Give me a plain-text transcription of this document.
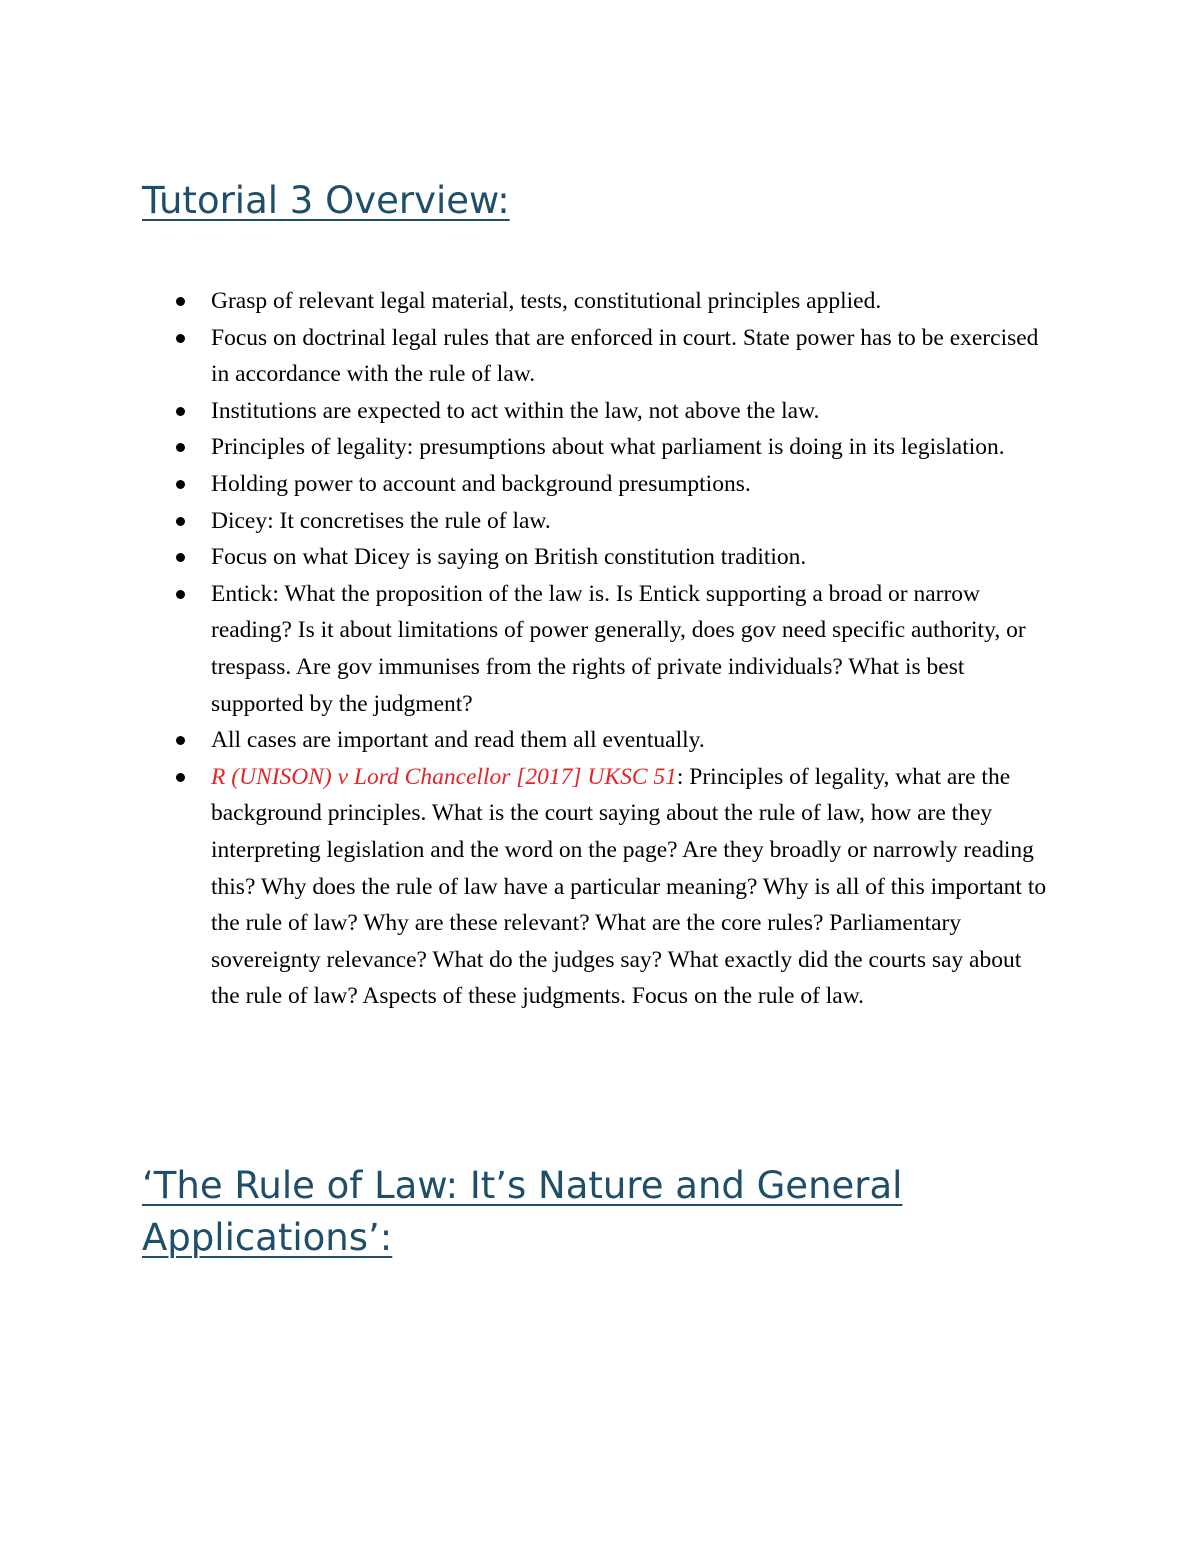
Tutorial 3 Overview:
Grasp of relevant legal material, tests, constitutional principles applied.
Focus on doctrinal legal rules that are enforced in court. State power has to be exercised in accordance with the rule of law.
Institutions are expected to act within the law, not above the law.
Principles of legality: presumptions about what parliament is doing in its legislation.
Holding power to account and background presumptions.
Dicey: It concretises the rule of law.
Focus on what Dicey is saying on British constitution tradition.
Entick: What the proposition of the law is. Is Entick supporting a broad or narrow reading? Is it about limitations of power generally, does gov need specific authority, or trespass. Are gov immunises from the rights of private individuals? What is best supported by the judgment?
All cases are important and read them all eventually.
R (UNISON) v Lord Chancellor [2017] UKSC 51: Principles of legality, what are the background principles. What is the court saying about the rule of law, how are they interpreting legislation and the word on the page? Are they broadly or narrowly reading this? Why does the rule of law have a particular meaning? Why is all of this important to the rule of law? Why are these relevant? What are the core rules? Parliamentary sovereignty relevance? What do the judges say? What exactly did the courts say about the rule of law? Aspects of these judgments. Focus on the rule of law.
‘The Rule of Law: It’s Nature and General Applications’:
